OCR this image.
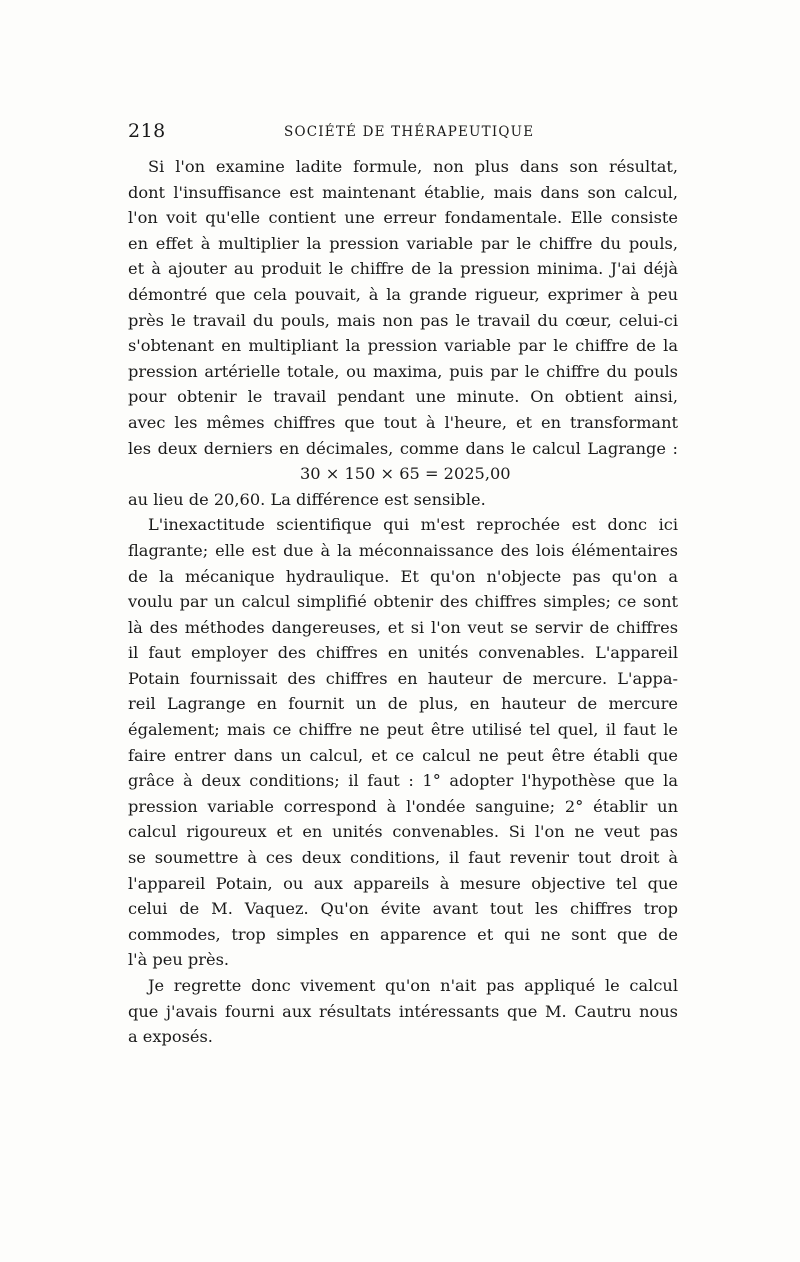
218	SOCIÉTÉ DE THÉRAPEUTIQUE
Si l'on examine ladite formule, non plus dans son résultat,
dont l'insuffisance est maintenant établie, mais dans son calcul,
l'on voit qu'elle contient une erreur fondamentale. Elle consiste
en effet à multiplier la pression variable par le chiffre du pouls,
et à ajouter au produit le chiffre de la pression minima. J'ai déjà
démontré que cela pouvait, à la grande rigueur, exprimer à peu
près le travail du pouls, mais non pas le travail du cœur, celui-ci
s'obtenant en multipliant la pression variable par le chiffre de la
pression artérielle totale, ou maxima, puis par le chiffre du pouls
pour obtenir le travail pendant une minute. On obtient ainsi,
avec les mêmes chiffres que tout à l'heure, et en transformant
les deux derniers en décimales, comme dans le calcul Lagrange :
30 × 150 × 65 = 2025,00
au lieu de 20,60. La différence est sensible.
L'inexactitude scientifique qui m'est reprochée est donc ici
flagrante; elle est due à la méconnaissance des lois élémentaires
de la mécanique hydraulique. Et qu'on n'objecte pas qu'on a
voulu par un calcul simplifié obtenir des chiffres simples; ce sont
là des méthodes dangereuses, et si l'on veut se servir de chiffres
il faut employer des chiffres en unités convenables. L'appareil
Potain fournissait des chiffres en hauteur de mercure. L'appa-
reil Lagrange en fournit un de plus, en hauteur de mercure
également; mais ce chiffre ne peut être utilisé tel quel, il faut le
faire entrer dans un calcul, et ce calcul ne peut être établi que
grâce à deux conditions; il faut : 1° adopter l'hypothèse que la
pression variable correspond à l'ondée sanguine; 2° établir un
calcul rigoureux et en unités convenables. Si l'on ne veut pas
se soumettre à ces deux conditions, il faut revenir tout droit à
l'appareil Potain, ou aux appareils à mesure objective tel que
celui de M. Vaquez. Qu'on évite avant tout les chiffres trop
commodes, trop simples en apparence et qui ne sont que de
l'à peu près.
Je regrette donc vivement qu'on n'ait pas appliqué le calcul
que j'avais fourni aux résultats intéressants que M. Cautru nous
a exposés.
